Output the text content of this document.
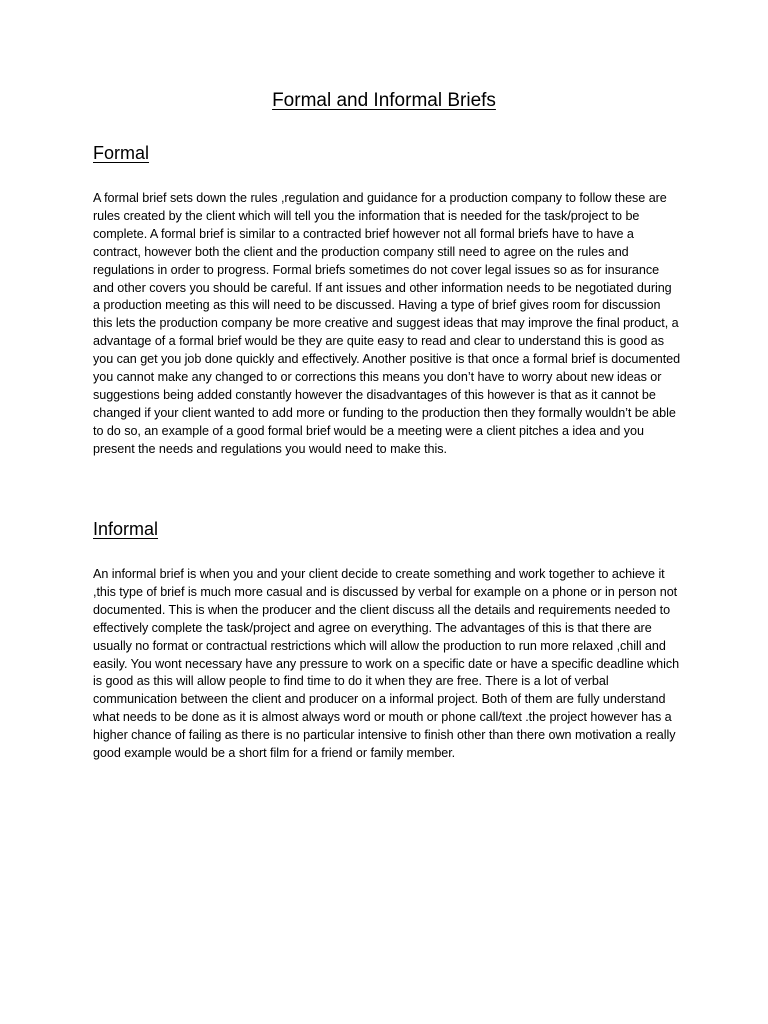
Formal and Informal Briefs
Formal

A formal brief sets down the rules ,regulation and guidance for a production company to follow these are rules created by the client which will tell you the information that is needed for the task/project to be complete. A formal brief is similar to a contracted brief however not all formal briefs have to have a contract, however both the client and the production company still need to agree on the rules and regulations in order to progress. Formal briefs sometimes do not cover legal issues so as for insurance and other covers you should be careful. If ant issues and other information needs to be negotiated during a production meeting as this will need to be discussed. Having a type of brief gives room for discussion this lets the production company be more creative and suggest ideas that may improve the final product, a advantage of a formal brief would be they are quite easy to read and clear to understand this is good as you can get you job done quickly and effectively. Another positive is that once a formal brief is documented you cannot make any changed to or corrections this means you don’t have to worry about new ideas or suggestions being added constantly however the disadvantages of this however is that as it cannot be changed if your client wanted to add more or funding to the production then they formally wouldn’t be able to do so, an example of a good formal brief would be a meeting were a client pitches a idea and you present the needs and regulations you would need to make this.

Informal

An informal brief is when you and your client decide to create something and work together to achieve it ,this type of brief is much more casual and is discussed by verbal for example on a phone or in person not documented. This is when the producer and the client discuss all the details and requirements needed to effectively complete the task/project and agree on everything. The advantages of this is that there are usually no format or contractual restrictions which will allow the production to run more relaxed ,chill and easily. You wont necessary have any pressure to work on a specific date or have a specific deadline which is good as this will allow people to find time to do it when they are free. There is a lot of verbal communication between the client and producer on a informal project. Both of them are fully understand what needs to be done as it is almost always word or mouth or phone call/text .the project however has a higher chance of failing as there is no particular intensive to finish other than there own motivation a really good example would be a short film for a friend or family member.
